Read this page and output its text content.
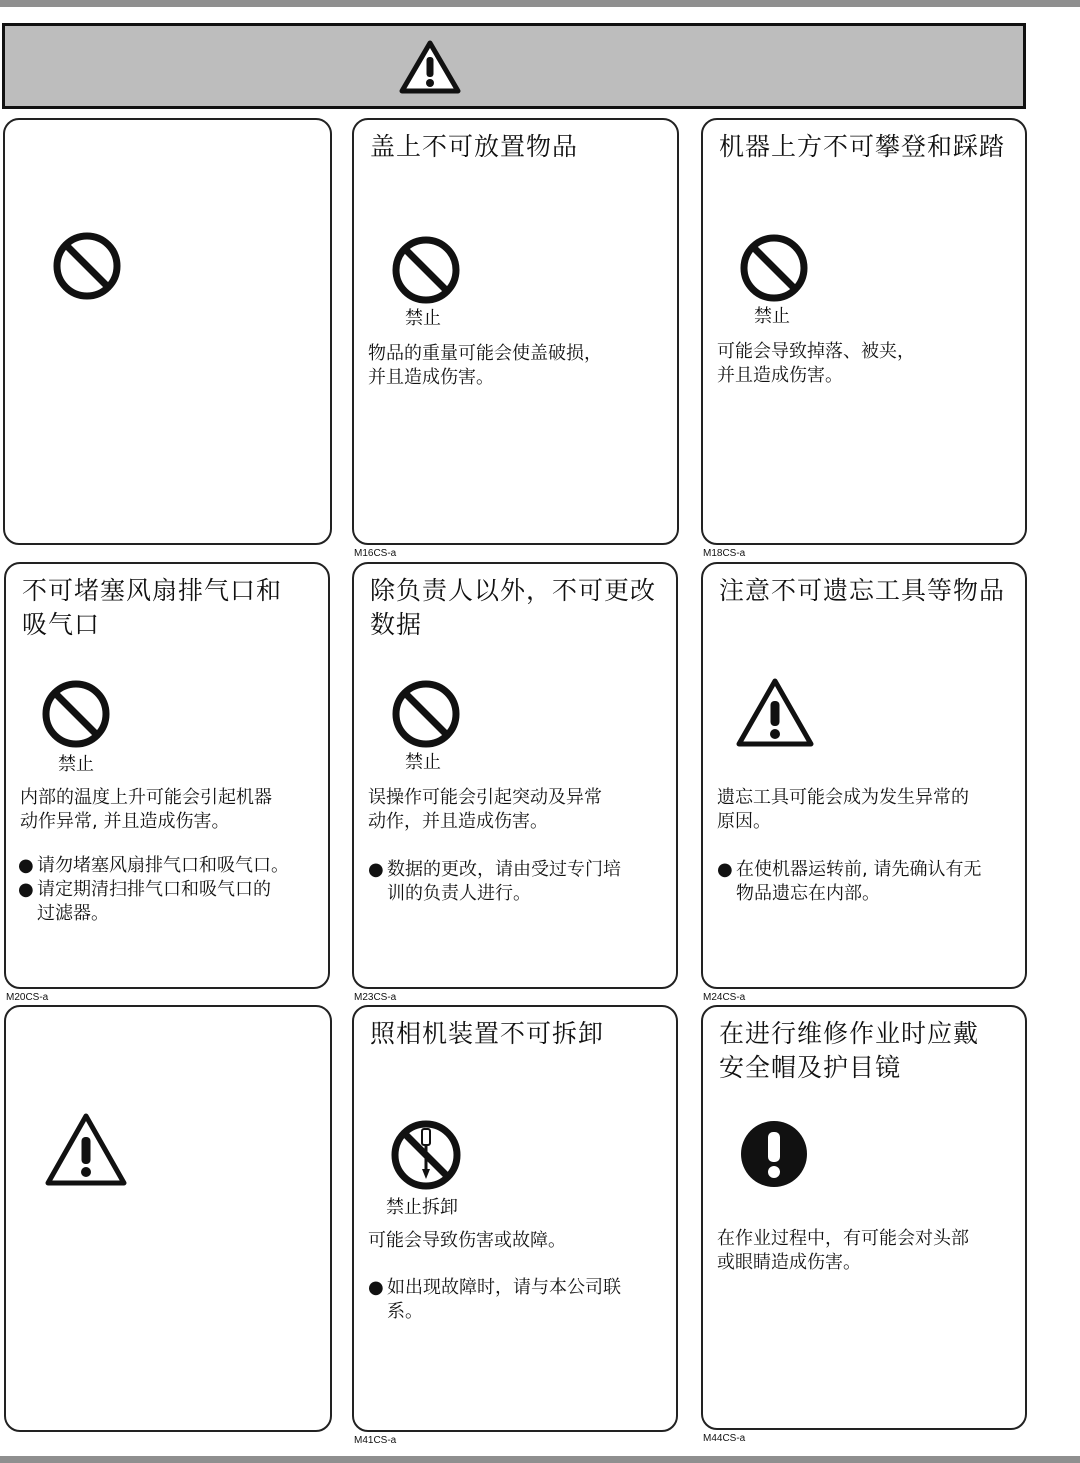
盖上不可放置物品
禁止
物品的重量可能会使盖破损，
并且造成伤害。
M16CS-a
机器上方不可攀登和踩踏
禁止
可能会导致掉落、被夹，
并且造成伤害。
M18CS-a
不可堵塞风扇排气口和
吸气口
禁止
内部的温度上升可能会引起机器
动作异常, 并且造成伤害。
● 请勿堵塞风扇排气口和吸气口。
● 请定期清扫排气口和吸气口的
过滤器。
M20CS-a
除负责人以外，不可更改
数据
禁止
误操作可能会引起突动及异常
动作，并且造成伤害。
● 数据的更改，请由受过专门培
训的负责人进行。
M23CS-a
注意不可遗忘工具等物品
遗忘工具可能会成为发生异常的
原因。
● 在使机器运转前, 请先确认有无
物品遗忘在内部。
M24CS-a
照相机装置不可拆卸
禁止拆卸
可能会导致伤害或故障。
● 如出现故障时，请与本公司联
系。
M41CS-a
在进行维修作业时应戴
安全帽及护目镜
在作业过程中，有可能会对头部
或眼睛造成伤害。
M44CS-a
